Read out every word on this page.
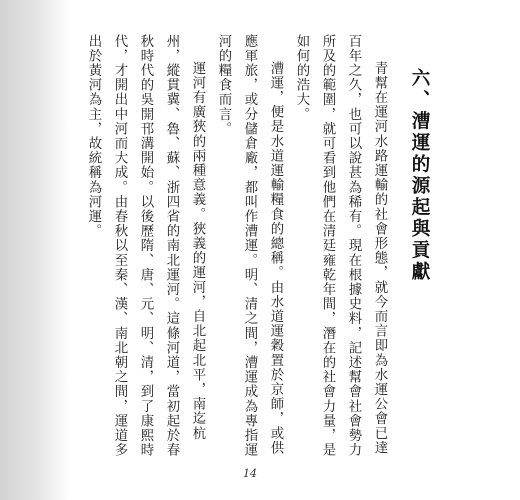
六、漕運的源起與貢獻

青幫在運河水路運輸的社會形態，就今而言即為水運公會已達百年之久，也可以說甚為稀有。現在根據史料，記述幫會社會勢力所及的範圍，就可看到他們在清廷雍乾年間，潛在的社會力量，是如何的浩大。

漕運，便是水道運輸糧食的總稱。由水道運穀置於京師，或供應軍旅，或分儲倉廠，都叫作漕運。明、清之間，漕運成為專指運河的糧食而言。

運河有廣狹的兩種意義。狹義的運河，自北起北平，南迄杭州，縱貫冀、魯、蘇、浙四省的南北運河。這條河道，當初起於春秋時代的吳開邗溝開始。以後歷隋、唐、元、明、清，到了康熙時代，才開出中河而大成。由春秋以至秦、漢、南北朝之間，運道多出於黃河為主，故統稱為河運。

14
